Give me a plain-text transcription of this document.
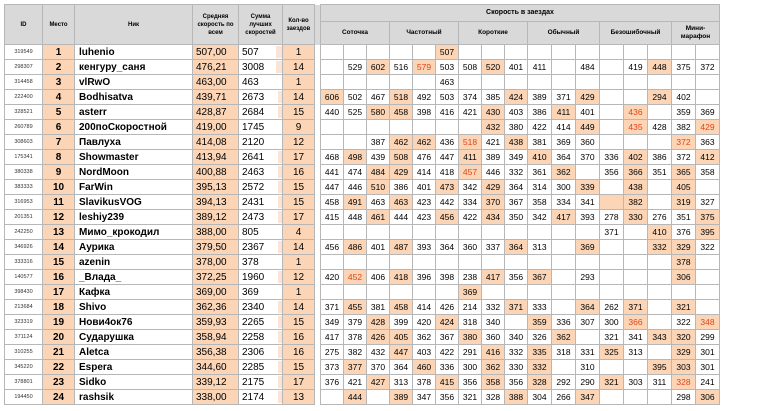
ID	Место	Ник	Средняя скорость по всем	Сумма лучших скоростей	Кол-во заездов		Скорость в заездах																
							Соточка			Частотный			Короткие			Обычный			Безошибочный			Мини-марафон	
319549	1	luhenio	507,00	507	1							507											
298307	2	кенгуру_саня	476,21	3008	14			529	602	516	579	503	508	520	401	411		484		419	448	375	372
314458	3	vlRwO	463,00	463	1							463											
222400	4	Bodhisatva	439,71	2673	14		606	502	467	518	492	503	374	385	424	389	371	429			294	402	
328521	5	asterr	428,87	2684	15		440	525	580	458	398	416	421	430	403	386	411	401		436		359	369
260789	6	200поСкоростной	419,00	1745	9									432	380	422	414	449		435	428	382	429
308603	7	Павлуха	414,08	2120	12				387	462	462	436	518	421	438	381	369	360				372	363
175341	8	Showmaster	413,94	2641	17		468	498	439	508	476	447	411	389	349	410	364	370	336	402	386	372	412
380338	9	NordMoon	400,88	2463	16		441	474	484	429	414	418	457	446	332	361	362		356	366	351	365	358
383333	10	FarWin	395,13	2572	15		447	446	510	386	401	473	342	429	364	314	300	339		438		405	
316953	11	SlavikusVOG	394,13	2431	15		458	491	463	463	423	442	334	370	367	358	334	341		382		319	327
201351	12	leshiy239	389,12	2473	17		415	448	461	444	423	456	422	434	350	342	417	393	278	330	276	351	375
242250	13	Мимо_крокодил	388,00	805	4														371		410	376	395
346926	14	Аурика	379,50	2367	14		456	486	401	487	393	364	360	337	364	313		369			332	329	322
333316	15	azenin	378,00	378	1																	378	
140577	16	_Влада_	372,25	1960	12		420	452	406	418	396	398	238	417	356	367		293				306	
398430	17	Кафка	369,00	369	1								369										
213684	18	Shivo	362,36	2340	14		371	455	381	458	414	426	214	332	371	333		364	262	371		321	
323319	19	Нови4ок76	359,93	2265	15		349	379	428	399	420	424	318	340		359	336	307	300	366		322	348
371124	20	Сударушка	358,94	2258	16		417	378	426	405	362	367	380	360	340	326	362		321	341	343	320	299
310255	21	Aletca	356,38	2306	16		275	382	432	447	403	422	291	416	332	335	318	331	325	313		329	301
345220	22	Espera	344,60	2285	15		373	377	370	364	460	336	300	362	330	332		310			395	303	301
378801	23	Sidko	339,12	2175	17		376	421	427	313	378	415	356	358	356	328	292	290	321	303	311	328	241
194450	24	rashsik	338,00	2174	13			444		389	347	356	321	328	388	304	266	347				298	306
